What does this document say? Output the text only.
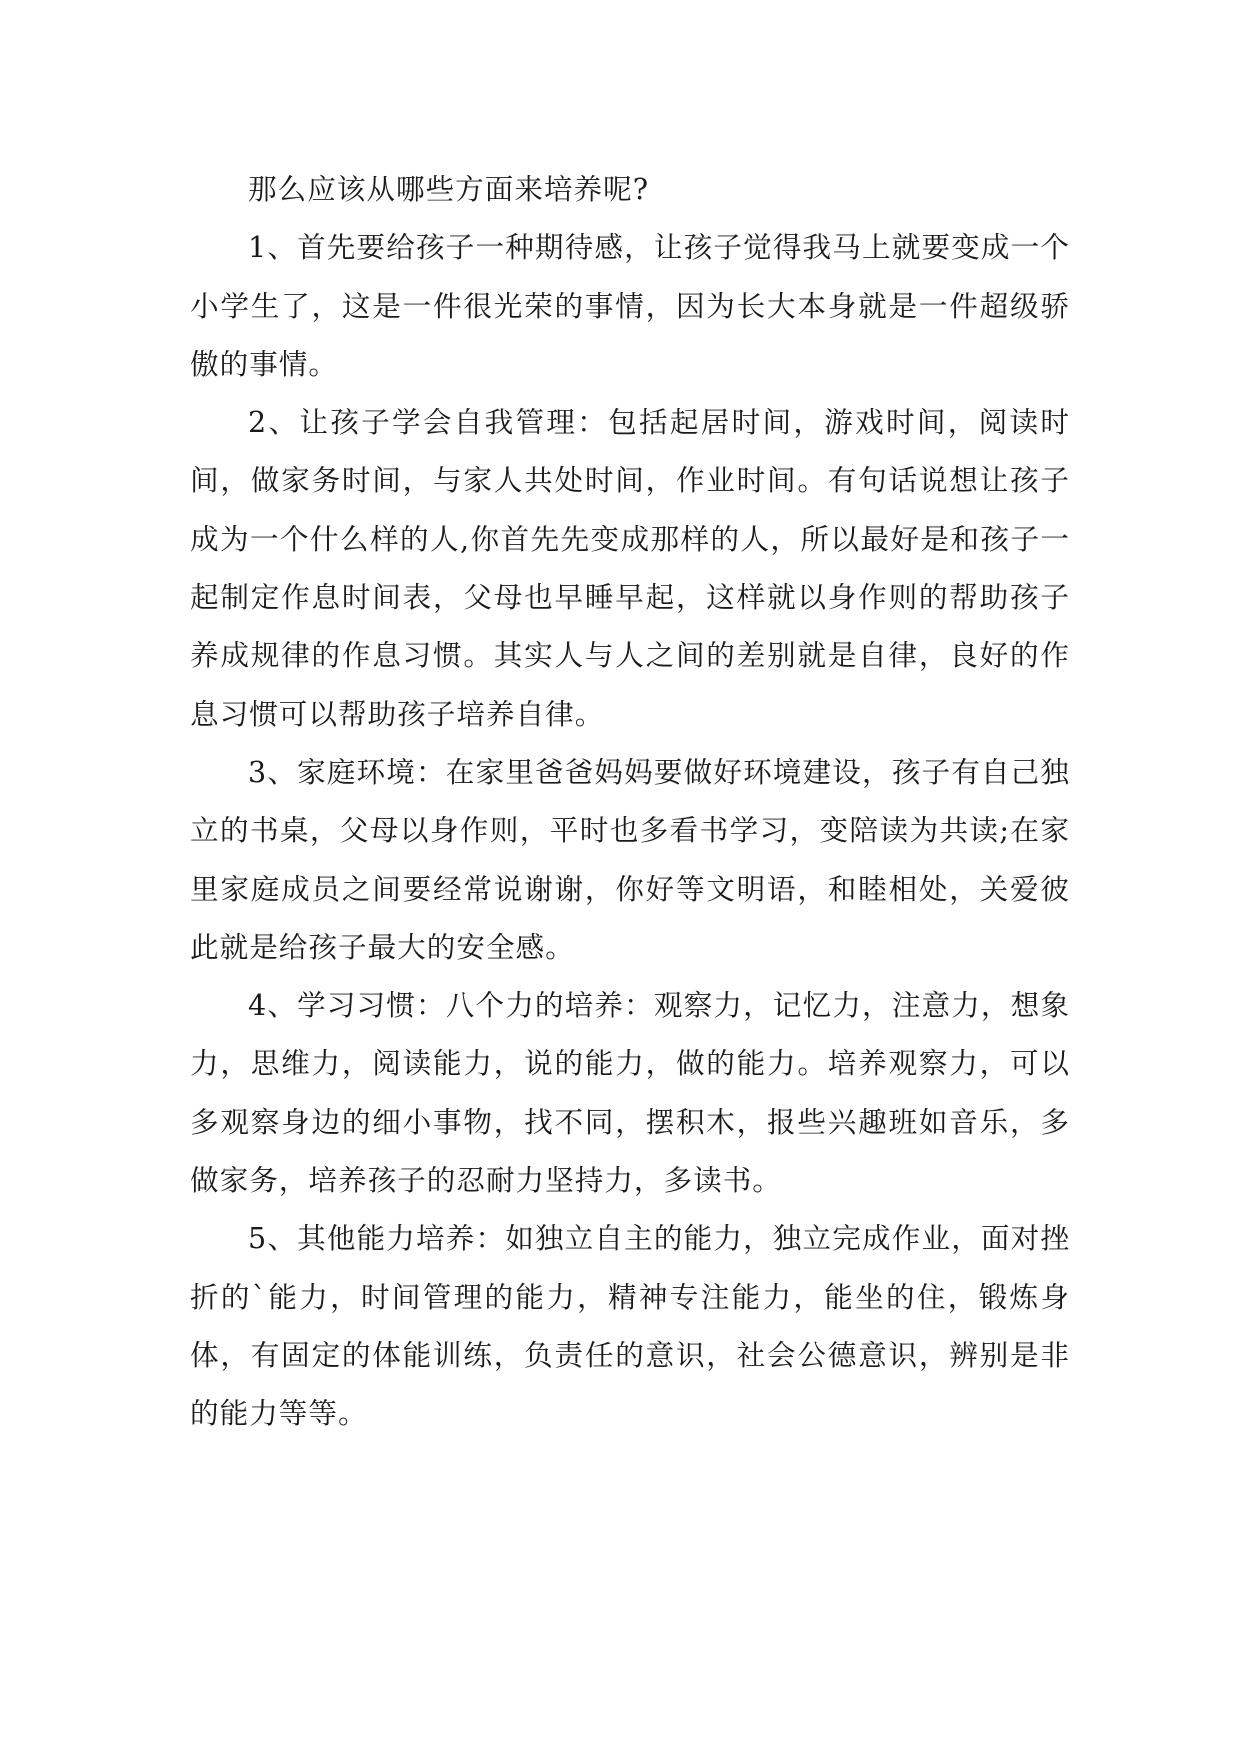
那么应该从哪些方面来培养呢?

1、首先要给孩子一种期待感，让孩子觉得我马上就要变成一个小学生了，这是一件很光荣的事情，因为长大本身就是一件超级骄傲的事情。

2、让孩子学会自我管理：包括起居时间，游戏时间，阅读时间，做家务时间，与家人共处时间，作业时间。有句话说想让孩子成为一个什么样的人,你首先先变成那样的人，所以最好是和孩子一起制定作息时间表，父母也早睡早起，这样就以身作则的帮助孩子养成规律的作息习惯。其实人与人之间的差别就是自律，良好的作息习惯可以帮助孩子培养自律。

3、家庭环境：在家里爸爸妈妈要做好环境建设，孩子有自己独立的书桌，父母以身作则，平时也多看书学习，变陪读为共读;在家里家庭成员之间要经常说谢谢，你好等文明语，和睦相处，关爱彼此就是给孩子最大的安全感。

4、学习习惯：八个力的培养：观察力，记忆力，注意力，想象力，思维力，阅读能力，说的能力，做的能力。培养观察力，可以多观察身边的细小事物，找不同，摆积木，报些兴趣班如音乐，多做家务，培养孩子的忍耐力坚持力，多读书。

5、其他能力培养：如独立自主的能力，独立完成作业，面对挫折的`能力，时间管理的能力，精神专注能力，能坐的住，锻炼身体，有固定的体能训练，负责任的意识，社会公德意识，辨别是非的能力等等。
